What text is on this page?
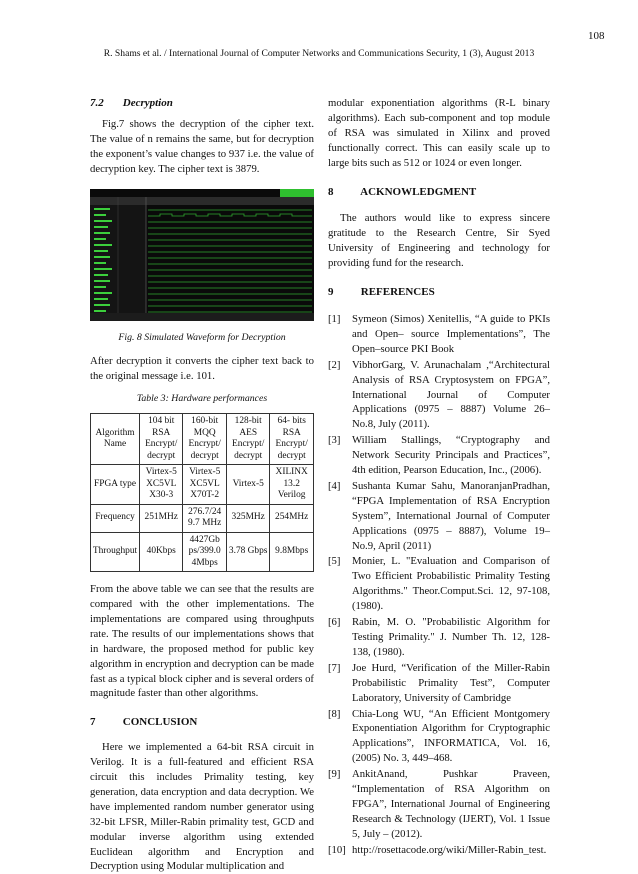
108
R. Shams et al. / International Journal of Computer Networks and Communications Security, 1 (3), August 2013
7.2 Decryption

Fig.7 shows the decryption of the cipher text. The value of n remains the same, but for decryption the exponent’s value changes to 937 i.e. the value of decryption key. The cipher text is 3879.

Fig. 8 Simulated Waveform for Decryption

After decryption it converts the cipher text back to the original message i.e. 101.

Table 3: Hardware performances
Algorithm Name	104 bit RSA Encrypt/ decrypt	160-bit MQQ Encrypt/ decrypt	128-bit AES Encrypt/ decrypt	64- bits RSA Encrypt/ decrypt
FPGA type	Virtex-5 XC5VL X30-3	Virtex-5 XC5VL X70T-2	Virtex-5	XILINX 13.2 Verilog
Frequency	251MHz	276.7/24 9.7 MHz	325MHz	254MHz
Throughput	40Kbps	4427Gb ps/399.0 4Mbps	3.78 Gbps	9.8Mbps

From the above table we can see that the results are compared with the other implementations. The implementations are compared using throughputs rate. The results of our implementations shows that in hardware, the proposed method for public key algorithm in encryption and decryption can be made fast as a typical block cipher and is several orders of magnitude faster than other algorithms.

7 CONCLUSION

Here we implemented a 64-bit RSA circuit in Verilog. It is a full-featured and efficient RSA circuit this includes Primality testing, key generation, data encryption and data decryption. We have implemented random number generator using 32-bit LFSR, Miller-Rabin primality test, GCD and modular inverse algorithm using extended Euclidean algorithm and Encryption and Decryption using Modular multiplication and

modular exponentiation algorithms (R-L binary algorithms). Each sub-component and top module of RSA was simulated in Xilinx and proved functionally correct. This can easily scale up to large bits such as 512 or 1024 or even longer.

8 ACKNOWLEDGMENT

The authors would like to express sincere gratitude to the Research Centre, Sir Syed University of Engineering and technology for providing fund for the research.

9 REFERENCES
[1] Symeon (Simos) Xenitellis, “A guide to PKIs and Open– source Implementations”, The Open–source PKI Book
[2] VibhorGarg, V. Arunachalam ,“Architectural Analysis of RSA Cryptosystem on FPGA”, International Journal of Computer Applications (0975 – 8887) Volume 26– No.8, July (2011).
[3] William Stallings, “Cryptography and Network Security Principals and Practices”, 4th edition, Pearson Education, Inc., (2006).
[4] Sushanta Kumar Sahu, ManoranjanPradhan, “FPGA Implementation of RSA Encryption System”, International Journal of Computer Applications (0975 – 8887), Volume 19– No.9, April (2011)
[5] Monier, L. "Evaluation and Comparison of Two Efficient Probabilistic Primality Testing Algorithms." Theor.Comput.Sci. 12, 97-108, (1980).
[6] Rabin, M. O. "Probabilistic Algorithm for Testing Primality." J. Number Th. 12, 128-138, (1980).
[7] Joe Hurd, “Verification of the Miller-Rabin Probabilistic Primality Test”, Computer Laboratory, University of Cambridge
[8] Chia-Long WU, “An Efficient Montgomery Exponentiation Algorithm for Cryptographic Applications”, INFORMATICA, Vol. 16, (2005) No. 3, 449–468.
[9] AnkitAnand, Pushkar Praveen, “Implementation of RSA Algorithm on FPGA”, International Journal of Engineering Research & Technology (IJERT), Vol. 1 Issue 5, July – (2012).
[10] http://rosettacode.org/wiki/Miller-Rabin_test.
